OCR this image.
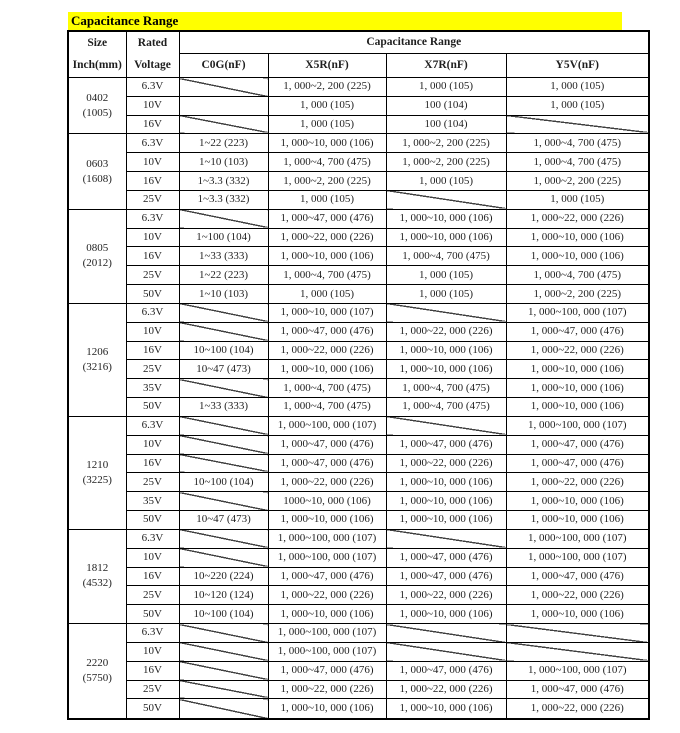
Capacitance Range
Size
Inch(mm)

Rated
Voltage
	Capacitance Range
		C0G(nF)	X5R(nF)	X7R(nF)	Y5V(nF)

0402
(1005)	6.3V		1, 000~2, 200 (225)	1, 000 (105)	1, 000 (105)
	10V		1, 000 (105)	100 (104)	1, 000 (105)
	16V		1, 000 (105)	100 (104)	

0603
(1608)	6.3V	1~22 (223)	1, 000~10, 000 (106)	1, 000~2, 200 (225)	1, 000~4, 700 (475)
	10V	1~10 (103)	1, 000~4, 700 (475)	1, 000~2, 200 (225)	1, 000~4, 700 (475)
	16V	1~3.3 (332)	1, 000~2, 200 (225)	1, 000 (105)	1, 000~2, 200 (225)
	25V	1~3.3 (332)	1, 000 (105)		1, 000 (105)

0805
(2012)	6.3V		1, 000~47, 000 (476)	1, 000~10, 000 (106)	1, 000~22, 000 (226)
	10V	1~100 (104)	1, 000~22, 000 (226)	1, 000~10, 000 (106)	1, 000~10, 000 (106)
	16V	1~33 (333)	1, 000~10, 000 (106)	1, 000~4, 700 (475)	1, 000~10, 000 (106)
	25V	1~22 (223)	1, 000~4, 700 (475)	1, 000 (105)	1, 000~4, 700 (475)
	50V	1~10 (103)	1, 000 (105)	1, 000 (105)	1, 000~2, 200 (225)

1206
(3216)	6.3V		1, 000~10, 000 (107)		1, 000~100, 000 (107)
	10V		1, 000~47, 000 (476)	1, 000~22, 000 (226)	1, 000~47, 000 (476)
	16V	10~100 (104)	1, 000~22, 000 (226)	1, 000~10, 000 (106)	1, 000~22, 000 (226)
	25V	10~47 (473)	1, 000~10, 000 (106)	1, 000~10, 000 (106)	1, 000~10, 000 (106)
	35V		1, 000~4, 700 (475)	1, 000~4, 700 (475)	1, 000~10, 000 (106)
	50V	1~33 (333)	1, 000~4, 700 (475)	1, 000~4, 700 (475)	1, 000~10, 000 (106)

1210
(3225)	6.3V		1, 000~100, 000 (107)		1, 000~100, 000 (107)
	10V		1, 000~47, 000 (476)	1, 000~47, 000 (476)	1, 000~47, 000 (476)
	16V		1, 000~47, 000 (476)	1, 000~22, 000 (226)	1, 000~47, 000 (476)
	25V	10~100 (104)	1, 000~22, 000 (226)	1, 000~10, 000 (106)	1, 000~22, 000 (226)
	35V		1000~10, 000 (106)	1, 000~10, 000 (106)	1, 000~10, 000 (106)
	50V	10~47 (473)	1, 000~10, 000 (106)	1, 000~10, 000 (106)	1, 000~10, 000 (106)

1812
(4532)	6.3V		1, 000~100, 000 (107)		1, 000~100, 000 (107)
	10V		1, 000~100, 000 (107)	1, 000~47, 000 (476)	1, 000~100, 000 (107)
	16V	10~220 (224)	1, 000~47, 000 (476)	1, 000~47, 000 (476)	1, 000~47, 000 (476)
	25V	10~120 (124)	1, 000~22, 000 (226)	1, 000~22, 000 (226)	1, 000~22, 000 (226)
	50V	10~100 (104)	1, 000~10, 000 (106)	1, 000~10, 000 (106)	1, 000~10, 000 (106)

2220
(5750)	6.3V		1, 000~100, 000 (107)		
	10V		1, 000~100, 000 (107)		
	16V		1, 000~47, 000 (476)	1, 000~47, 000 (476)	1, 000~100, 000 (107)
	25V		1, 000~22, 000 (226)	1, 000~22, 000 (226)	1, 000~47, 000 (476)
	50V		1, 000~10, 000 (106)	1, 000~10, 000 (106)	1, 000~22, 000 (226)
